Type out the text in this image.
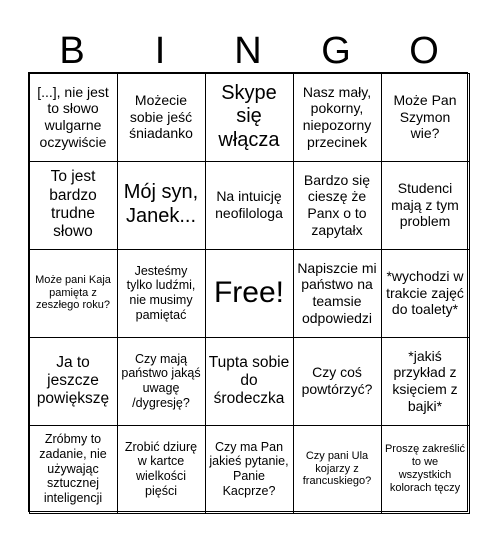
B	I	N	G	O
[...], nie jest to słowo wulgarne oczywiście
Możecie sobie jeść śniadanko
Skype się włącza
Nasz mały, pokorny, niepozorny przecinek
Może Pan Szymon wie?
To jest bardzo trudne słowo
Mój syn, Janek...
Na intuicję neofilologa
Bardzo się cieszę że Panx o to zapytałx
Studenci mają z tym problem
Może pani Kaja pamięta z zeszłego roku?
Jesteśmy tylko ludźmi, nie musimy pamiętać
Free!
Napiszcie mi państwo na teamsie odpowiedzi
*wychodzi w trakcie zajęć do toalety*
Ja to jeszcze powiększę
Czy mają państwo jakąś uwagę /dygresję?
Tupta sobie do środeczka
Czy coś powtórzyć?
*jakiś przykład z księciem z bajki*
Zróbmy to zadanie, nie używając sztucznej inteligencji
Zrobić dziurę w kartce wielkości pięści
Czy ma Pan jakieś pytanie, Panie Kacprze?
Czy pani Ula kojarzy z francuskiego?
Proszę zakreślić to we wszystkich kolorach tęczy
